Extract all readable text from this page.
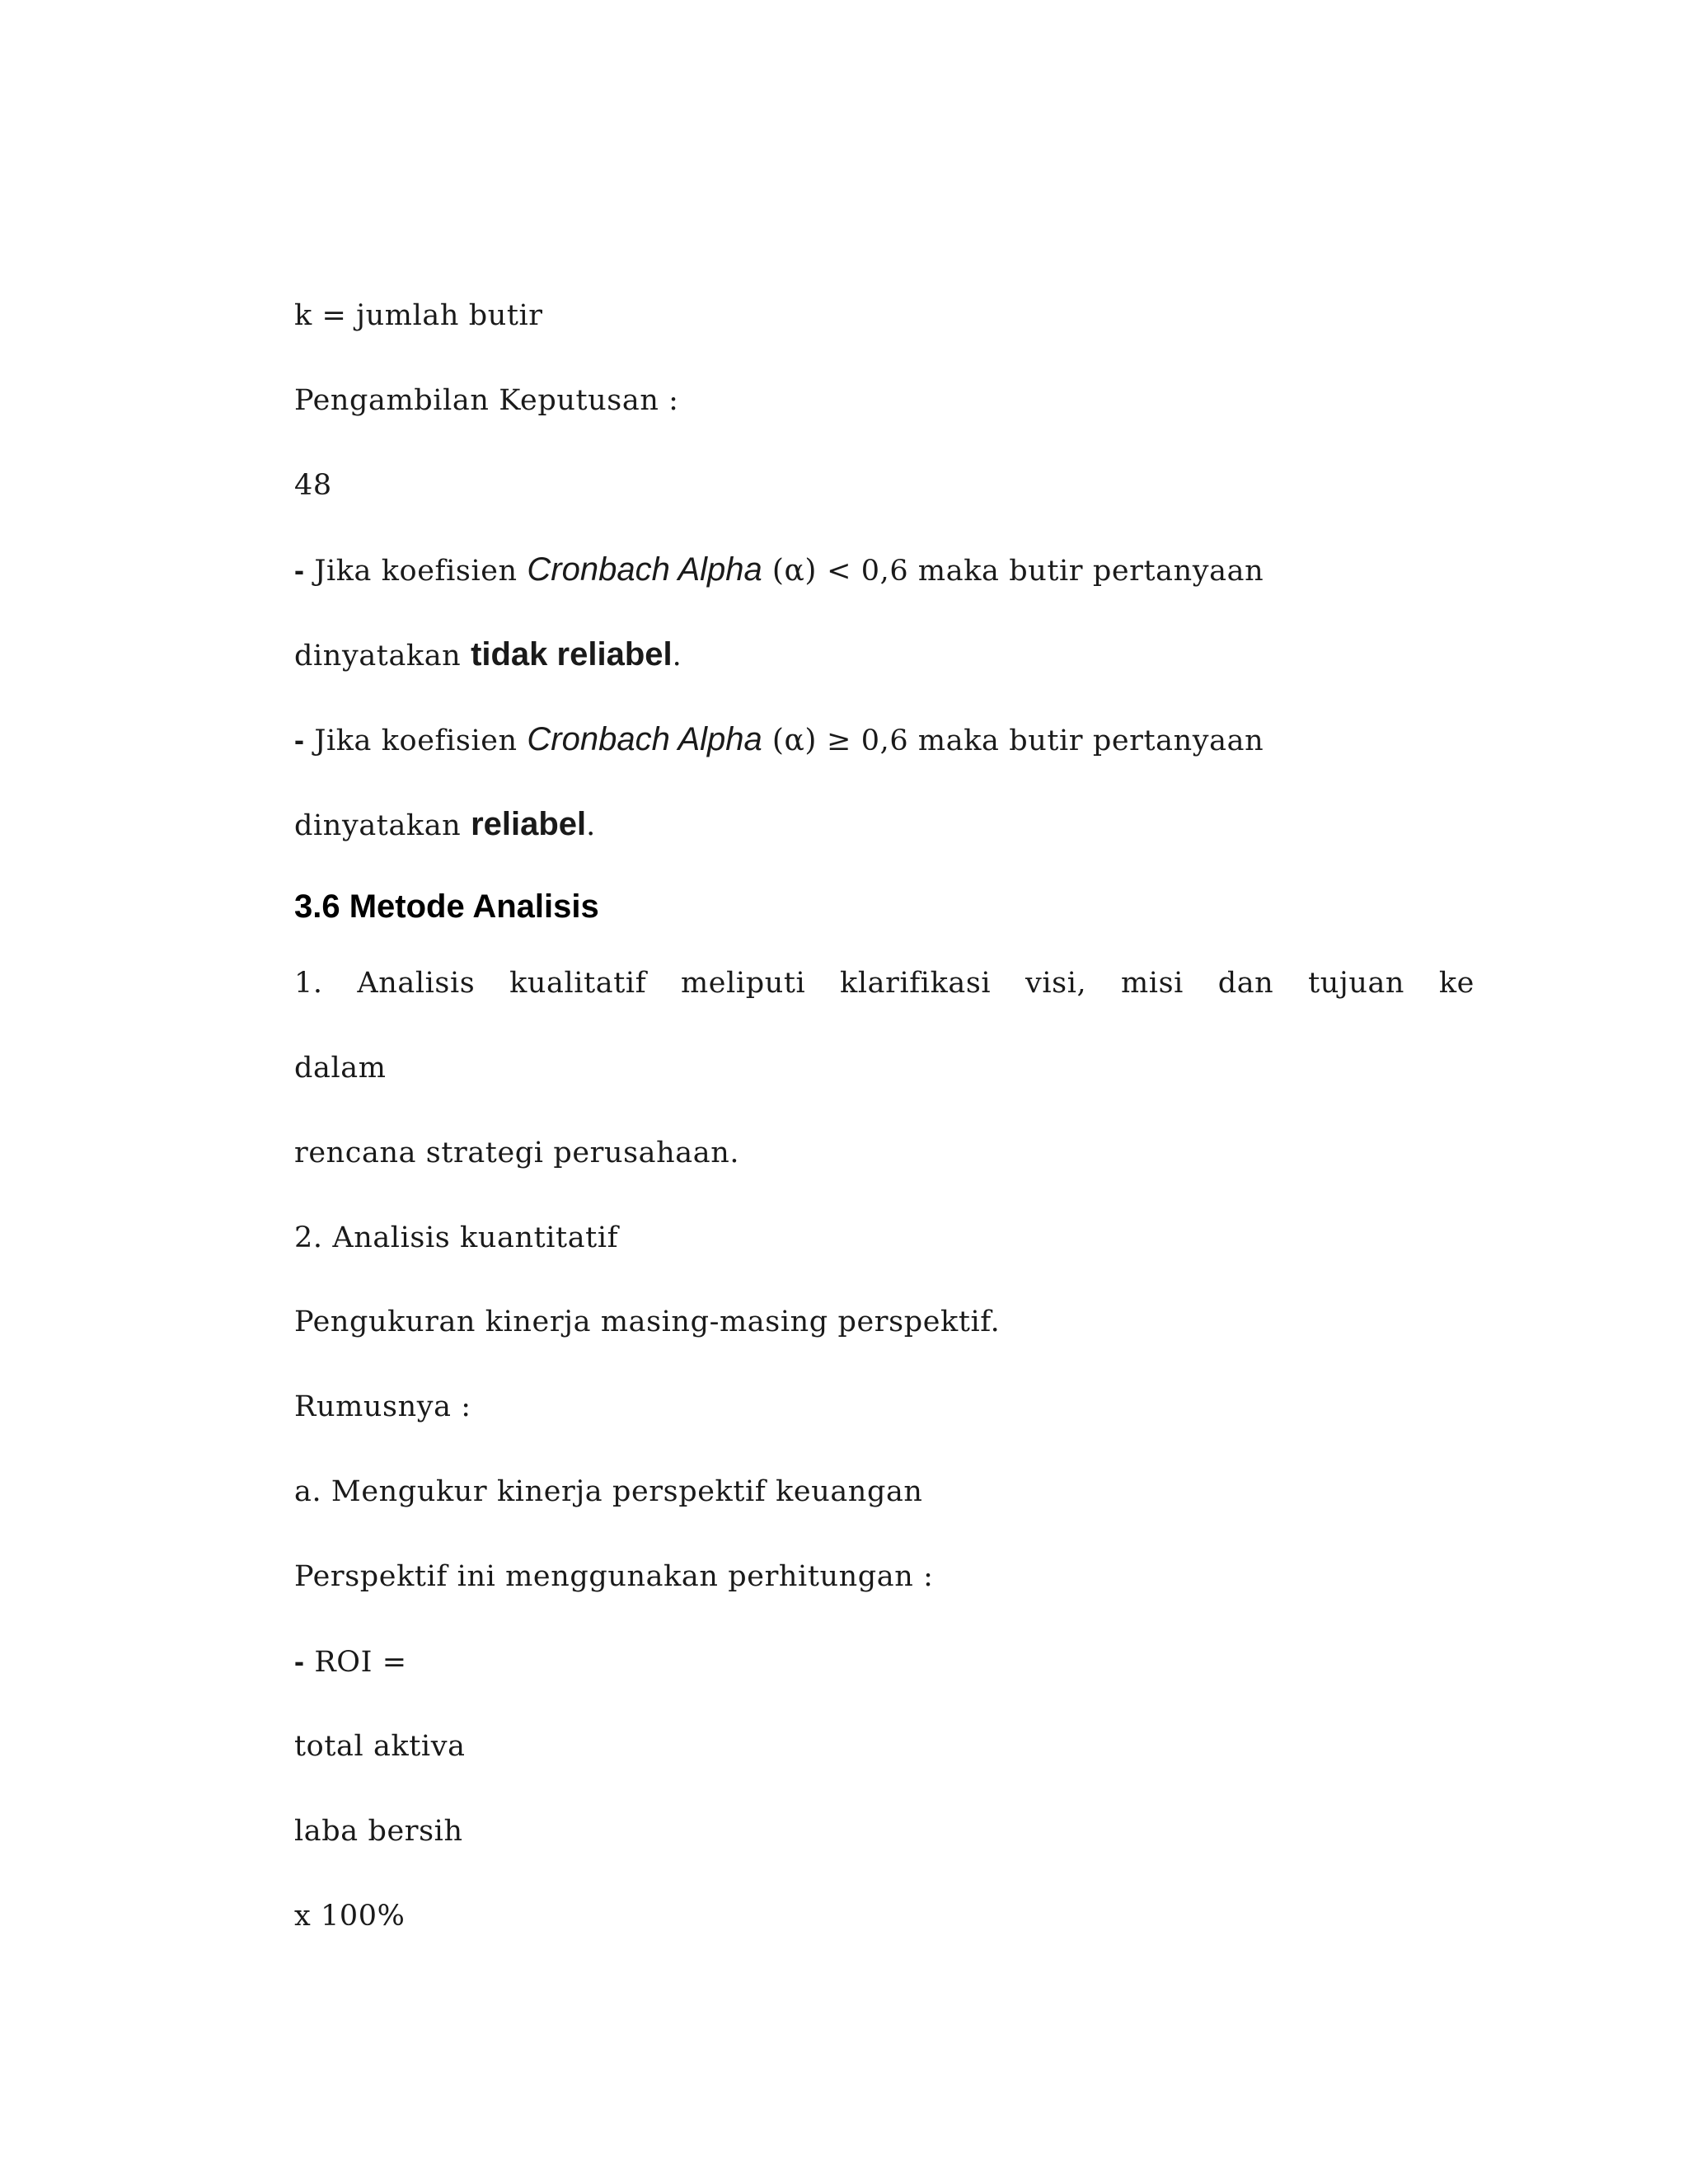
k = jumlah butir
Pengambilan Keputusan :
48
- Jika koefisien Cronbach Alpha (α) < 0,6 maka butir pertanyaan
dinyatakan tidak reliabel.
- Jika koefisien Cronbach Alpha (α) ≥ 0,6 maka butir pertanyaan
dinyatakan reliabel.
3.6 Metode Analisis
1. Analisis kualitatif meliputi klarifikasi visi, misi dan tujuan ke
dalam
rencana strategi perusahaan.
2. Analisis kuantitatif
Pengukuran kinerja masing-masing perspektif.
Rumusnya :
a. Mengukur kinerja perspektif keuangan
Perspektif ini menggunakan perhitungan :
- ROI =
total aktiva
laba bersih
x 100%
